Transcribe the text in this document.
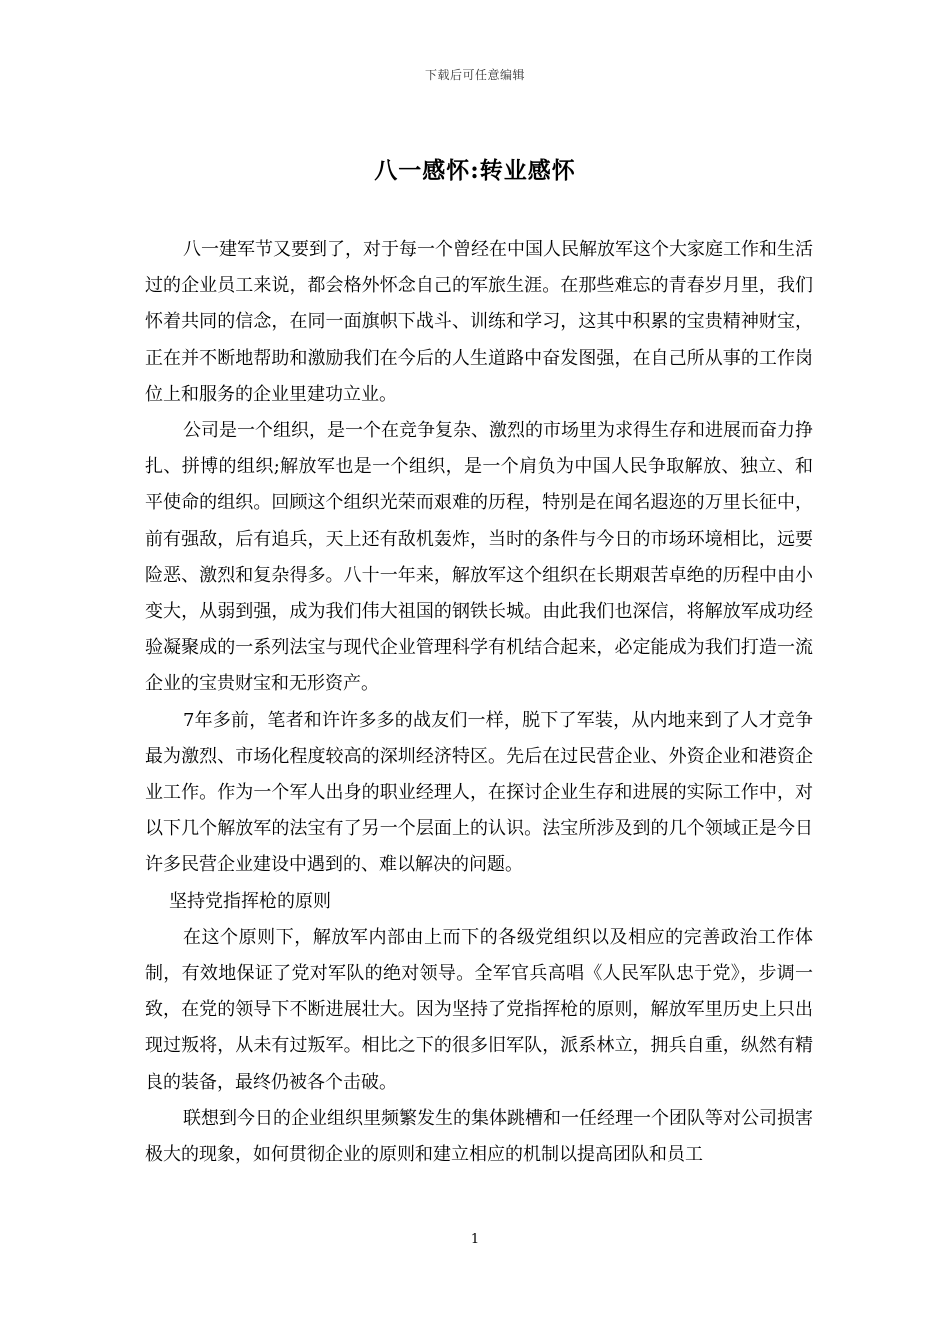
下载后可任意编辑
八一感怀:转业感怀

八一建军节又要到了，对于每一个曾经在中国人民解放军这个大家庭工作和生活过的企业员工来说，都会格外怀念自己的军旅生涯。在那些难忘的青春岁月里，我们怀着共同的信念，在同一面旗帜下战斗、训练和学习，这其中积累的宝贵精神财宝，正在并不断地帮助和激励我们在今后的人生道路中奋发图强，在自己所从事的工作岗位上和服务的企业里建功立业。

公司是一个组织，是一个在竞争复杂、激烈的市场里为求得生存和进展而奋力挣扎、拼博的组织;解放军也是一个组织，是一个肩负为中国人民争取解放、独立、和平使命的组织。回顾这个组织光荣而艰难的历程，特别是在闻名遐迩的万里长征中，前有强敌，后有追兵，天上还有敌机轰炸，当时的条件与今日的市场环境相比，远要险恶、激烈和复杂得多。八十一年来，解放军这个组织在长期艰苦卓绝的历程中由小变大，从弱到强，成为我们伟大祖国的钢铁长城。由此我们也深信，将解放军成功经验凝聚成的一系列法宝与现代企业管理科学有机结合起来，必定能成为我们打造一流企业的宝贵财宝和无形资产。

7年多前，笔者和许许多多的战友们一样，脱下了军装，从内地来到了人才竞争最为激烈、市场化程度较高的深圳经济特区。先后在过民营企业、外资企业和港资企业工作。作为一个军人出身的职业经理人，在探讨企业生存和进展的实际工作中，对以下几个解放军的法宝有了另一个层面上的认识。法宝所涉及到的几个领域正是今日许多民营企业建设中遇到的、难以解决的问题。

坚持党指挥枪的原则

在这个原则下，解放军内部由上而下的各级党组织以及相应的完善政治工作体制，有效地保证了党对军队的绝对领导。全军官兵高唱《人民军队忠于党》，步调一致，在党的领导下不断进展壮大。因为坚持了党指挥枪的原则，解放军里历史上只出现过叛将，从未有过叛军。相比之下的很多旧军队，派系林立，拥兵自重，纵然有精良的装备，最终仍被各个击破。

联想到今日的企业组织里频繁发生的集体跳槽和一任经理一个团队等对公司损害极大的现象，如何贯彻企业的原则和建立相应的机制以提高团队和员工

1
